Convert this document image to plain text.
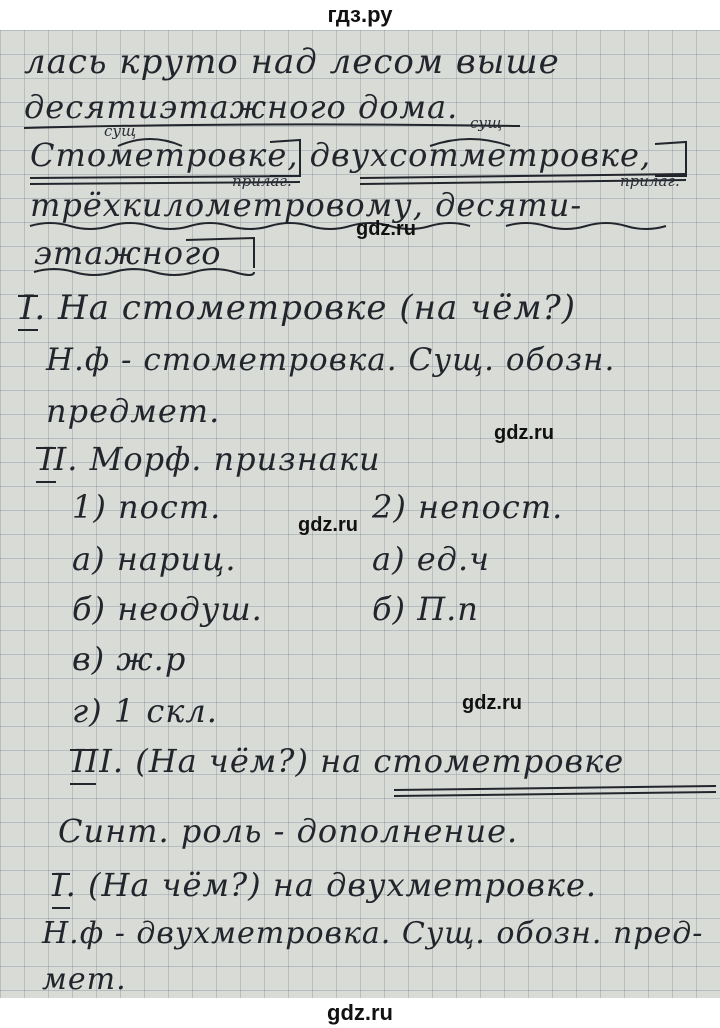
гдз.ру
сущ	сущ
прилаг.	прилаг.
лась круто над лесом выше
десятиэтажного дома.
Стометровке, двухсотметровке,
трёхкилометровому, десяти-
этажного
I. На стометровке (на чём?)
Н.ф - стометровка. Сущ. обозн.
предмет.
II. Морф. признаки
1) пост.	2) непост.
а) нариц.	а) ед.ч
б) неодуш.	б) П.п
в) ж.р
г) 1 скл.
III. (На чём?) на стометровке
Синт. роль - дополнение.
I. (На чём?) на двухметровке.
Н.ф - двухметровка. Сущ. обозн. пред-
мет.
gdz.ru
gdz.ru
gdz.ru
gdz.ru
gdz.ru
